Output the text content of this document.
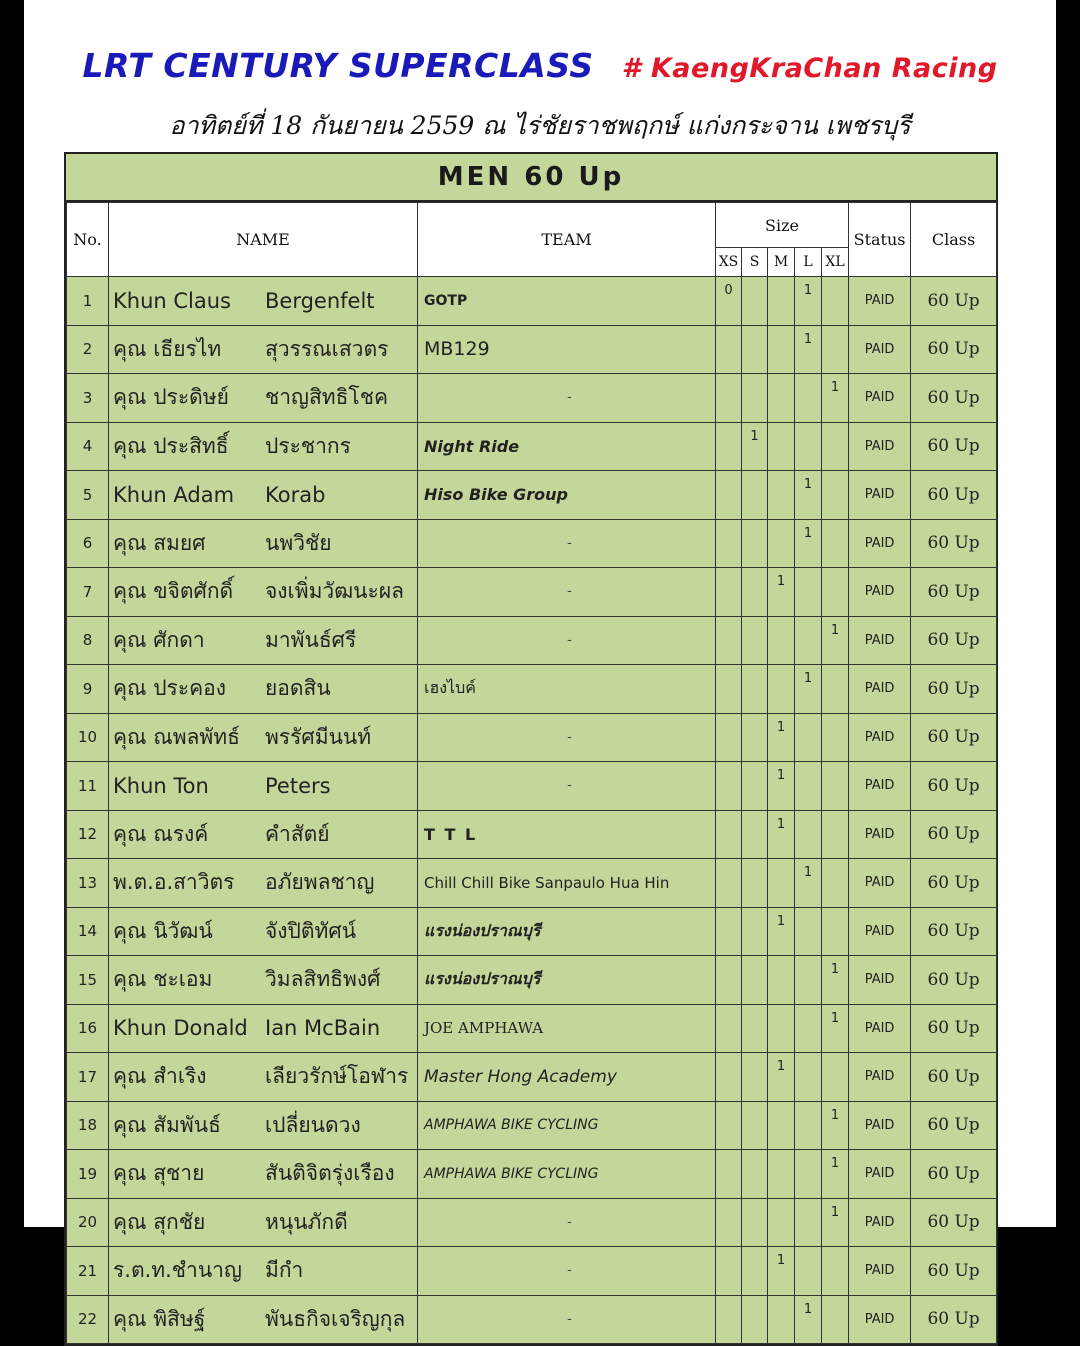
LRT CENTURY SUPERCLASS # KaengKraChan Racing
อาทิตย์ที่ 18 กันยายน 2559 ณ ไร่ชัยราชพฤกษ์ แก่งกระจาน เพชรบุรี
MEN 60 Up
No.	NAME	TEAM	Size					Status	Class
			XS	S	M	L	XL		
1	Khun Claus Bergenfelt	GOTP	0			1		PAID	60 Up
2	คุณ เธียรไท สุวรรณเสวตร	MB129				1		PAID	60 Up
3	คุณ ประดิษย์ ชาญสิทธิโชค	-					1	PAID	60 Up
4	คุณ ประสิทธิ์ ประชากร	Night Ride		1				PAID	60 Up
5	Khun Adam Korab	Hiso Bike Group				1		PAID	60 Up
6	คุณ สมยศ นพวิชัย	-				1		PAID	60 Up
7	คุณ ขจิตศักดิ์ จงเพิ่มวัฒนะผล	-			1			PAID	60 Up
8	คุณ ศักดา มาพันธ์ศรี	-					1	PAID	60 Up
9	คุณ ประคอง ยอดสิน	เฮงไบค์				1		PAID	60 Up
10	คุณ ณพลพัทธ์ พรรัศมีนนท์	-			1			PAID	60 Up
11	Khun Ton Peters	-			1			PAID	60 Up
12	คุณ ณรงค์ คำสัตย์	T T L			1			PAID	60 Up
13	พ.ต.อ.สาวิตร อภัยพลชาญ	Chill Chill Bike Sanpaulo Hua Hin				1		PAID	60 Up
14	คุณ นิวัฒน์ จังปิติทัศน์	แรงน่องปราณบุรี			1			PAID	60 Up
15	คุณ ชะเอม วิมลสิทธิพงศ์	แรงน่องปราณบุรี					1	PAID	60 Up
16	Khun Donald Ian McBain	JOE AMPHAWA					1	PAID	60 Up
17	คุณ สำเริง เลียวรักษ์โอฬาร	Master Hong Academy			1			PAID	60 Up
18	คุณ สัมพันธ์ เปลี่ยนดวง	AMPHAWA BIKE CYCLING					1	PAID	60 Up
19	คุณ สุชาย สันติจิตรุ่งเรือง	AMPHAWA BIKE CYCLING					1	PAID	60 Up
20	คุณ สุกชัย หนุนภักดี	-					1	PAID	60 Up
21	ร.ต.ท.ชำนาญ มีกำ	-			1			PAID	60 Up
22	คุณ พิสิษฐ์ พันธกิจเจริญกุล	-				1		PAID	60 Up
